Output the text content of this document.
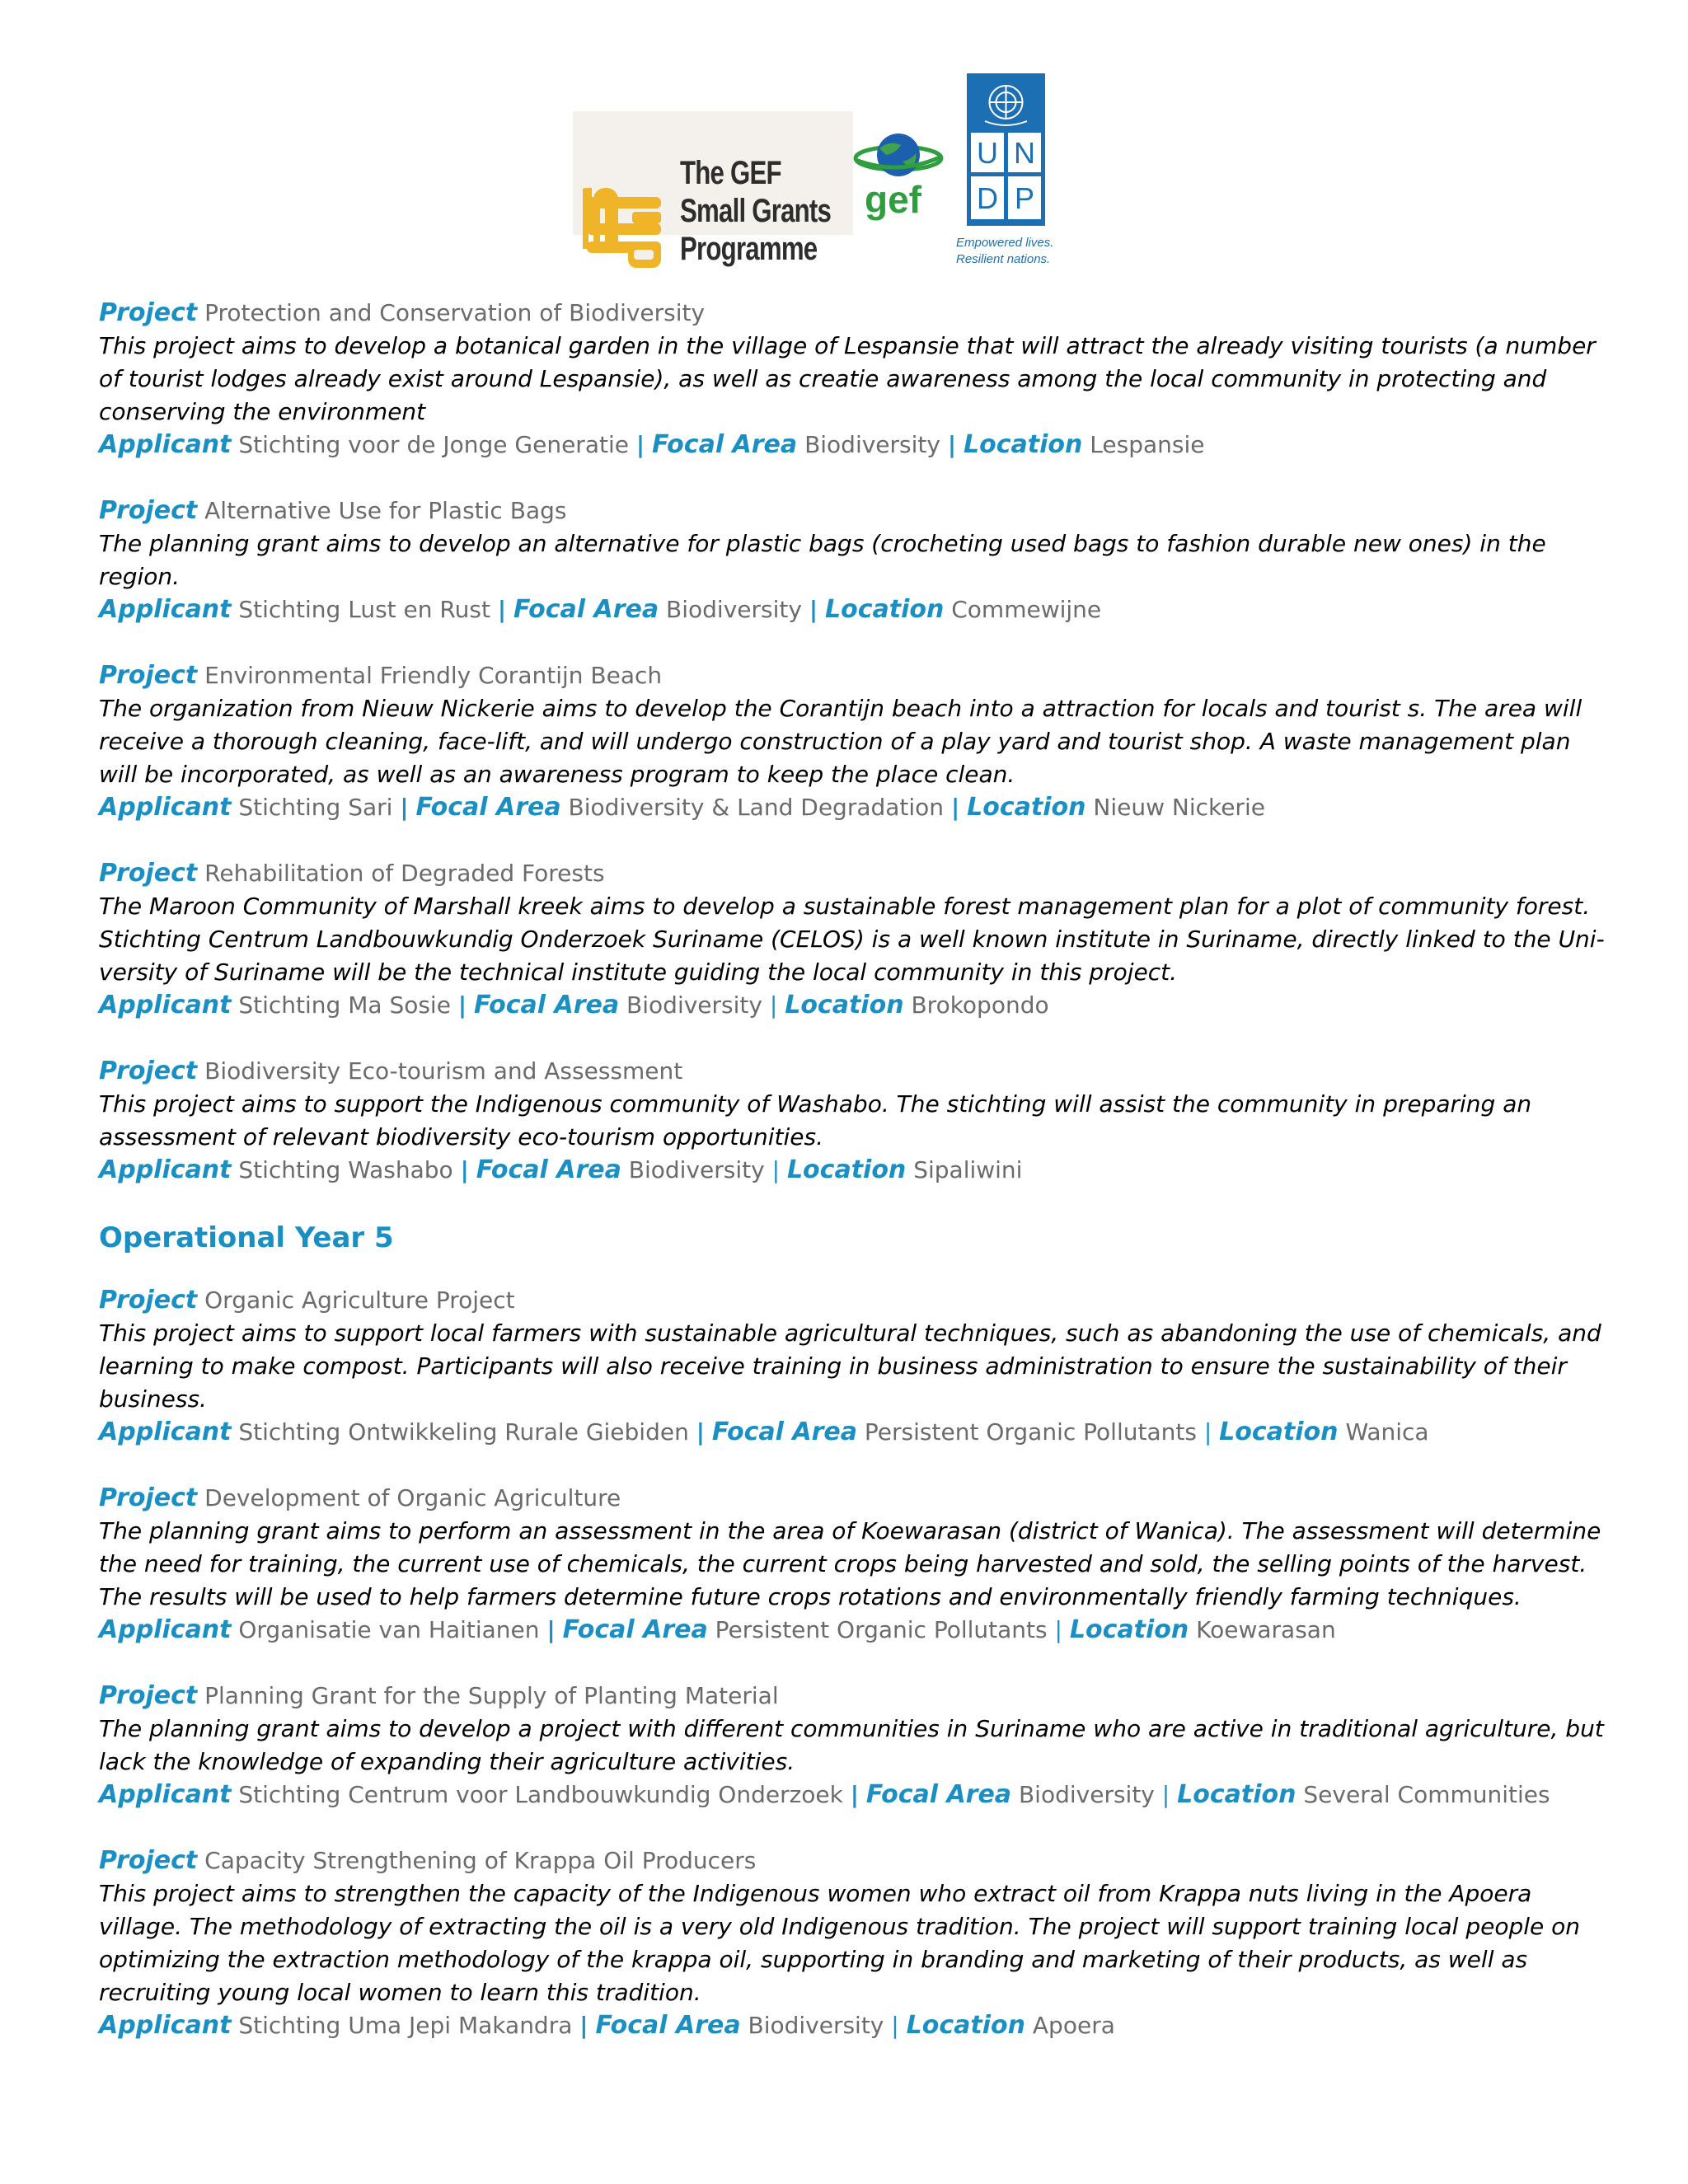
The GEF
Small Grants
Programme
gef
U N
D P
Empowered lives.
Resilient nations.
Project Protection and Conservation of Biodiversity
This project aims to develop a botanical garden in the village of Lespansie that will attract the already visiting tourists (a number of tourist lodges already exist around Lespansie), as well as creatie awareness among the local community in protecting and conserving the environment
Applicant Stichting voor de Jonge Generatie | Focal Area Biodiversity | Location Lespansie
Project Alternative Use for Plastic Bags
The planning grant aims to develop an alternative for plastic bags (crocheting used bags to fashion durable new ones) in the region.
Applicant Stichting Lust en Rust | Focal Area Biodiversity | Location Commewijne
Project Environmental Friendly Corantijn Beach
The organization from Nieuw Nickerie aims to develop the Corantijn beach into a attraction for locals and tourist s. The area will receive a thorough cleaning, face-lift, and will undergo construction of a play yard and tourist shop. A waste management plan will be incorporated, as well as an awareness program to keep the place clean.
Applicant Stichting Sari | Focal Area Biodiversity & Land Degradation | Location Nieuw Nickerie
Project Rehabilitation of Degraded Forests
The Maroon Community of Marshall kreek aims to develop a sustainable forest management plan for a plot of community forest. Stichting Centrum Landbouwkundig Onderzoek Suriname (CELOS) is a well known institute in Suriname, directly linked to the Uni-versity of Suriname will be the technical institute guiding the local community in this project.
Applicant Stichting Ma Sosie | Focal Area Biodiversity | Location Brokopondo
Project Biodiversity Eco-tourism and Assessment
This project aims to support the Indigenous community of Washabo. The stichting will assist the community in preparing an assessment of relevant biodiversity eco-tourism opportunities.
Applicant Stichting Washabo | Focal Area Biodiversity | Location Sipaliwini
Operational Year 5
Project Organic Agriculture Project
This project aims to support local farmers with sustainable agricultural techniques, such as abandoning the use of chemicals, and learning to make compost. Participants will also receive training in business administration to ensure the sustainability of their business.
Applicant Stichting Ontwikkeling Rurale Giebiden | Focal Area Persistent Organic Pollutants | Location Wanica
Project Development of Organic Agriculture
The planning grant aims to perform an assessment in the area of Koewarasan (district of Wanica). The assessment will determine the need for training, the current use of chemicals, the current crops being harvested and sold, the selling points of the harvest. The results will be used to help farmers determine future crops rotations and environmentally friendly farming techniques.
Applicant Organisatie van Haitianen | Focal Area Persistent Organic Pollutants | Location Koewarasan
Project Planning Grant for the Supply of Planting Material
The planning grant aims to develop a project with different communities in Suriname who are active in traditional agriculture, but lack the knowledge of expanding their agriculture activities.
Applicant Stichting Centrum voor Landbouwkundig Onderzoek | Focal Area Biodiversity | Location Several Communities
Project Capacity Strengthening of Krappa Oil Producers
This project aims to strengthen the capacity of the Indigenous women who extract oil from Krappa nuts living in the Apoera village. The methodology of extracting the oil is a very old Indigenous tradition. The project will support training local people on optimizing the extraction methodology of the krappa oil, supporting in branding and marketing of their products, as well as recruiting young local women to learn this tradition.
Applicant Stichting Uma Jepi Makandra | Focal Area Biodiversity | Location Apoera
